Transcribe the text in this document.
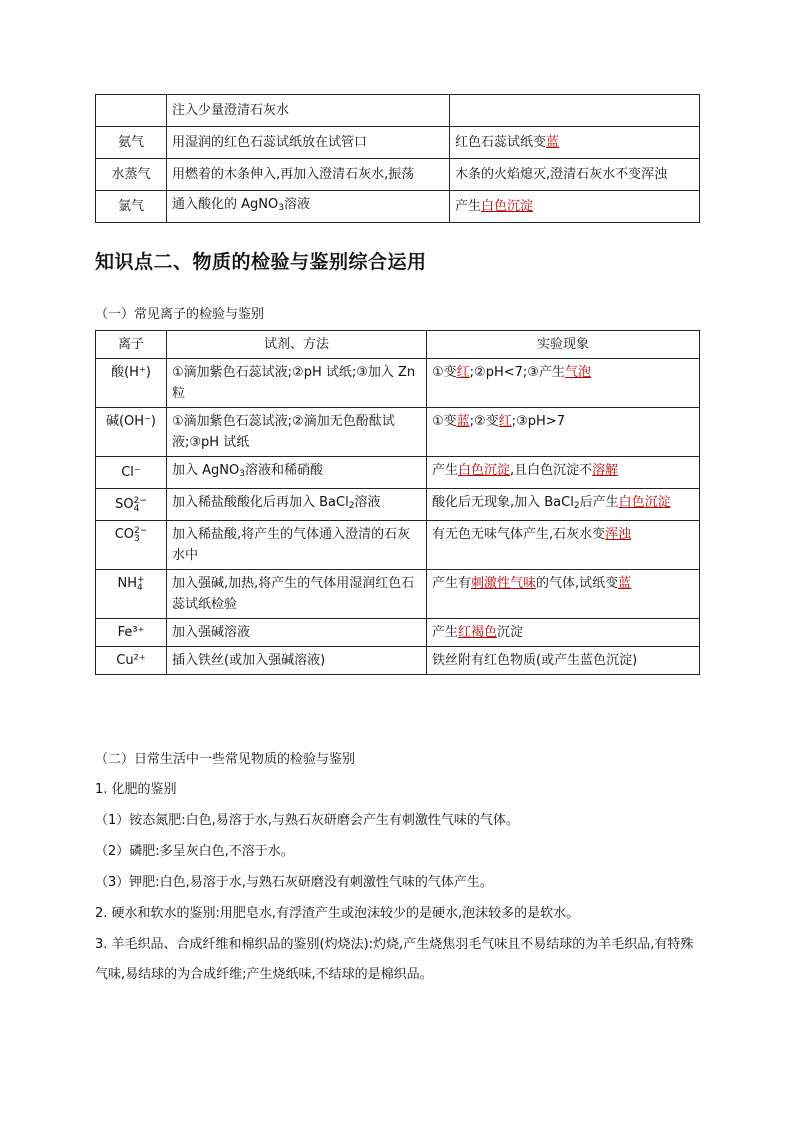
	注入少量澄清石灰水	
氨气	用湿润的红色石蕊试纸放在试管口	红色石蕊试纸变蓝
水蒸气	用燃着的木条伸入,再加入澄清石灰水,振荡	木条的火焰熄灭,澄清石灰水不变浑浊
氯气	通入酸化的 AgNO$_3$溶液	产生白色沉淀
知识点二、物质的检验与鉴别综合运用

（一）常见离子的检验与鉴别

离子	试剂、方法	实验现象
酸(H⁺)	①滴加紫色石蕊试液;②pH 试纸;③加入 Zn 粒	①变红;②pH<7;③产生气泡
碱(OH⁻)	①滴加紫色石蕊试液;②滴加无色酚酞试液;③pH 试纸	①变蓝;②变红;③pH>7
Cl⁻	加入 AgNO$_3$溶液和稀硝酸	产生白色沉淀,且白色沉淀不溶解
SO 2−
4	加入稀盐酸酸化后再加入 BaCl$_2$溶液	酸化后无现象,加入 BaCl$_2$后产生白色沉淀
CO 2−
3	加入稀盐酸,将产生的气体通入澄清的石灰水中	有无色无味气体产生,石灰水变浑浊
NH +
4	加入强碱,加热,将产生的气体用湿润红色石蕊试纸检验	产生有刺激性气味的气体,试纸变蓝
Fe³⁺	加入强碱溶液	产生红褐色沉淀
Cu²⁺	插入铁丝(或加入强碱溶液)	铁丝附有红色物质(或产生蓝色沉淀)

（二）日常生活中一些常见物质的检验与鉴别

1. 化肥的鉴别

（1）铵态氮肥:白色,易溶于水,与熟石灰研磨会产生有刺激性气味的气体。

（2）磷肥:多呈灰白色,不溶于水。

（3）钾肥:白色,易溶于水,与熟石灰研磨没有刺激性气味的气体产生。

2. 硬水和软水的鉴别:用肥皂水,有浮渣产生或泡沫较少的是硬水,泡沫较多的是软水。

3. 羊毛织品、合成纤维和棉织品的鉴别(灼烧法):灼烧,产生烧焦羽毛气味且不易结球的为羊毛织品,有特殊气味,易结球的为合成纤维;产生烧纸味,不结球的是棉织品。
